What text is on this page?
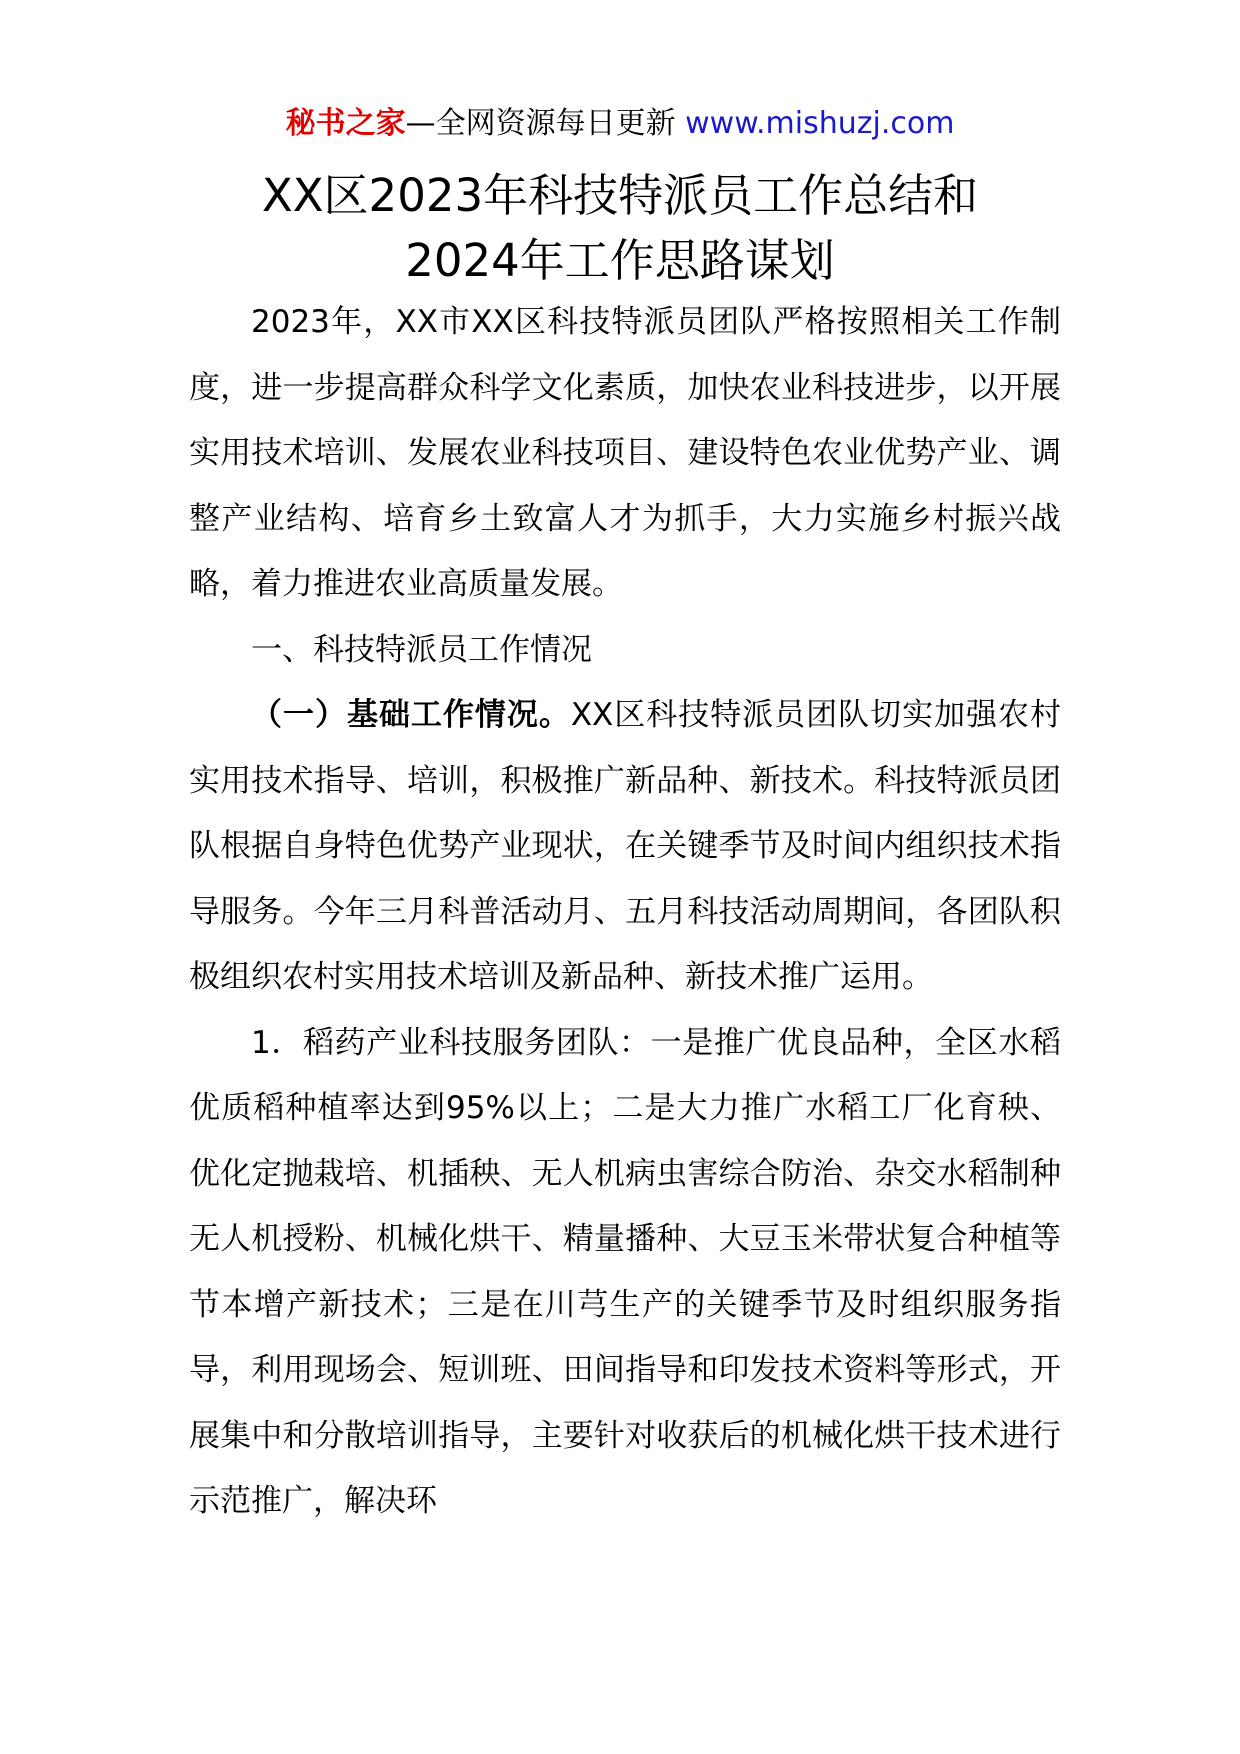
秘书之家—全网资源每日更新 www.mishuzj.com
XX区2023年科技特派员工作总结和
2024年工作思路谋划

2023年，XX市XX区科技特派员团队严格按照相关工作制度，进一步提高群众科学文化素质，加快农业科技进步，以开展实用技术培训、发展农业科技项目、建设特色农业优势产业、调整产业结构、培育乡土致富人才为抓手，大力实施乡村振兴战略，着力推进农业高质量发展。

一、科技特派员工作情况

（一）基础工作情况。XX区科技特派员团队切实加强农村实用技术指导、培训，积极推广新品种、新技术。科技特派员团队根据自身特色优势产业现状，在关键季节及时间内组织技术指导服务。今年三月科普活动月、五月科技活动周期间，各团队积极组织农村实用技术培训及新品种、新技术推广运用。

1．稻药产业科技服务团队：一是推广优良品种，全区水稻优质稻种植率达到95%以上；二是大力推广水稻工厂化育秧、优化定抛栽培、机插秧、无人机病虫害综合防治、杂交水稻制种无人机授粉、机械化烘干、精量播种、大豆玉米带状复合种植等节本增产新技术；三是在川芎生产的关键季节及时组织服务指导，利用现场会、短训班、田间指导和印发技术资料等形式，开展集中和分散培训指导，主要针对收获后的机械化烘干技术进行示范推广，解决环
